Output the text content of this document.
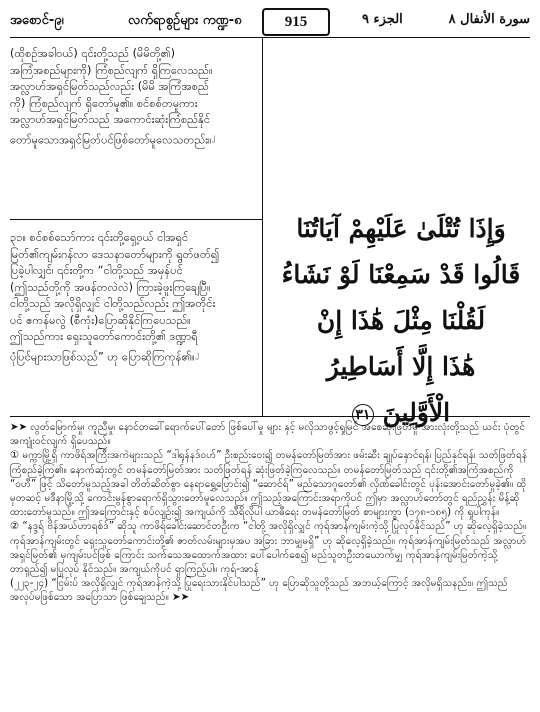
အစောင်-၉၊	လက်ရာစွဉ်များ ကဏ္ဍ-၈	915	الجزء ٩	سورة الأنفال ٨
(ထိုစဉ်အခါဝယ်) ၎င်းတို့သည် (မိမိတို့၏)
အကြံအစည်များကို) ကြံစည်လျက် ရှိကြလေသည်။
အလ္လာဟ်အရှင်မြတ်သည်လည်း (မိမိ အကြံအစည်
ကို) ကြံစည်လျက် ရှိတော်မူ၏။ စင်စစ်တမူကား
အလ္လာဟ်အရှင်မြတ်သည် အကောင်းဆုံးကြံစည်နိုင်
တော်မူသောအရှင်မြတ်ပင်ဖြစ်တော်မူလေသတည်း။$^၂$
၃၁။ စင်စစ်သော်ကား ၎င်းတို့ရှေ့ဝယ် ငါအရှင်
မြတ်၏ကျမ်းဂန်လာ ဒေသနာတော်များကို ရွတ်ဖတ်၍
ပြခဲ့ပါလျှင်၊ ၎င်းတို့က “ငါတို့သည် အမှန်ပင်
(ဤသည်တို့ကို အဖန်တလဲလဲ) ကြားခဲ့ဖူးကြချေပြီ။
ငါတို့သည် အလိုရှိလျှင် ငါတို့သည်လည်း ဤအတိုင်း
ပင် ဧကန်မလွဲ (စီကုံး)ပြောဆိုနိုင်ကြပေသည်။
ဤသည်ကား ရှေးသူတော်ကောင်းတို့၏ ဒဏ္ဍာရီ
ပုံပြင်များသာဖြစ်သည်” ဟု ပြောဆိုကြကုန်၏။$^၂$
وَإِذَا تُتْلَىٰ عَلَيْهِمْ آيَاتُنَا
قَالُوا قَدْ سَمِعْنَا لَوْ نَشَاءُ
لَقُلْنَا مِثْلَ هَٰذَا إِنْ
هَٰذَا إِلَّا أَسَاطِيرُ
الْأَوَّلِينَ ٣١

➤➤ လွတ်မြောက်မှု၊ ကူညီမှု၊ နောင်တခေါ်ရောက်ပေါ်တော် ဖြစ်ပေါ်မှု များ နှင့် မလိုသာဖွင့်ရှုမြင် အစေဆုံးဖြတ်မှု အားလုံးတို့သည် ယင်း ပုံတွင် အကျုံးဝင်လျက် ရှိပေသည်။

① မက္ကာမြို့ရှိ ကာဖိရ်အကြီးအကဲများသည် “ဒါရုန်နဒ်ဝဟ်” ဦးစည်းဝေး၍ တမန်တော်မြတ်အား ဖမ်းဆီး ချုပ်နှောင်ရန်၊ ပြည်နှင်ရန်၊ သတ်ဖြတ်ရန် ကြံစည်ခဲ့ကြ၏။ နောက်ဆုံးတွင် တမန်တော်မြတ်အား သတ်ဖြတ်ရန် ဆုံးဖြတ်ခဲ့ကြလေသည်။ တမန်တော်မြတ်သည် ၎င်းတို့၏အကြံအစည်ကို “ဝဟီ” ဖြင့် သိတော်မူသည့်အခါ တိတ်ဆိတ်စွာ နေရာရွှေ့ပြောင်း၍ “ဆောင်ရ်” မည်သောဂူတော်၏ လိုဏ်ခေါင်းတွင် ပုန်းအောင်းတော်မူခဲ့၏။ ထိုမှတဆင့် မဒီနာမြို့သို့ ကောင်းမွန်စွာရောက်ရှိသွားတော်မူလေသည်။ ဤသည့်အကြောင်းအရာကိုပင် ဤမှာ အလ္လာဟ်တော်တွင် ရည်ညွှန်း မိန့်ဆိုထားတော်မူသည်။ ဤအကြောင်းနှင့် စပ်လျဉ်း၍ အကျယ်ကို သီရိလိုပါ ယာဓီရေး တမန်တော်မြတ် စာများက္ခာ (၁၇၈-၁၈၅) ကို ရှုပါကုန်။

② “နဒ္ဒရ် ဗိန်အယ်ဟာရစ်ဒ်” ဆိုသူ ကာဖိရ်ခေါင်းဆောင်တဦးက “ငါတို့ အလိုရှိလျှင် ကုရ်အာန်ကျမ်းကဲ့သို့ ပြုလုပ်နိုင်သည်” ဟု ဆိုလေ့ရှိခဲ့သည်။ ကုရ်အာန်ကျမ်းတွင် ရှေးသူတော်ကောင်းတို့၏ ဇာတ်လမ်းများမှအပ အခြား ဘာမျှမရှိ” ဟု ဆိုလေ့ရှိခဲ့သည်။ ကုရ်အာန်ကျမ်းမြတ်သည် အလ္လာဟ်အရှင်မြတ်၏ မှကျမ်းပင်ဖြစ် ကြောင်း သက်သေအထောက်အထား ပေါ်ပေါက်စေ၍ မည်သူတဦးတယောက်မျှ ကုရ်အာန်ကျမ်းမြတ်ကဲ့သို့ တာရှည်၍ မပြုလုပ် နိုင်သည်။ အကျယ်ကိုပင် ရှာကြည့်ပါ။ ကုရ်-အာန်

(၂၂၃-၂၄) “ငြမ်းပ် အလိုရှိလျှင် ကုရ်အာန်ကဲ့သို့ ပြုရေးသားနိုင်ပါသည်” ဟု ပြောဆိုသူတို့သည် အဘယ့်ကြောင့် အလိုမရှိသနည်း။ ဤသည် အလုပ်မဖြစ်သော အပြောသာ ဖြစ်ချေသည်။ ➤➤
